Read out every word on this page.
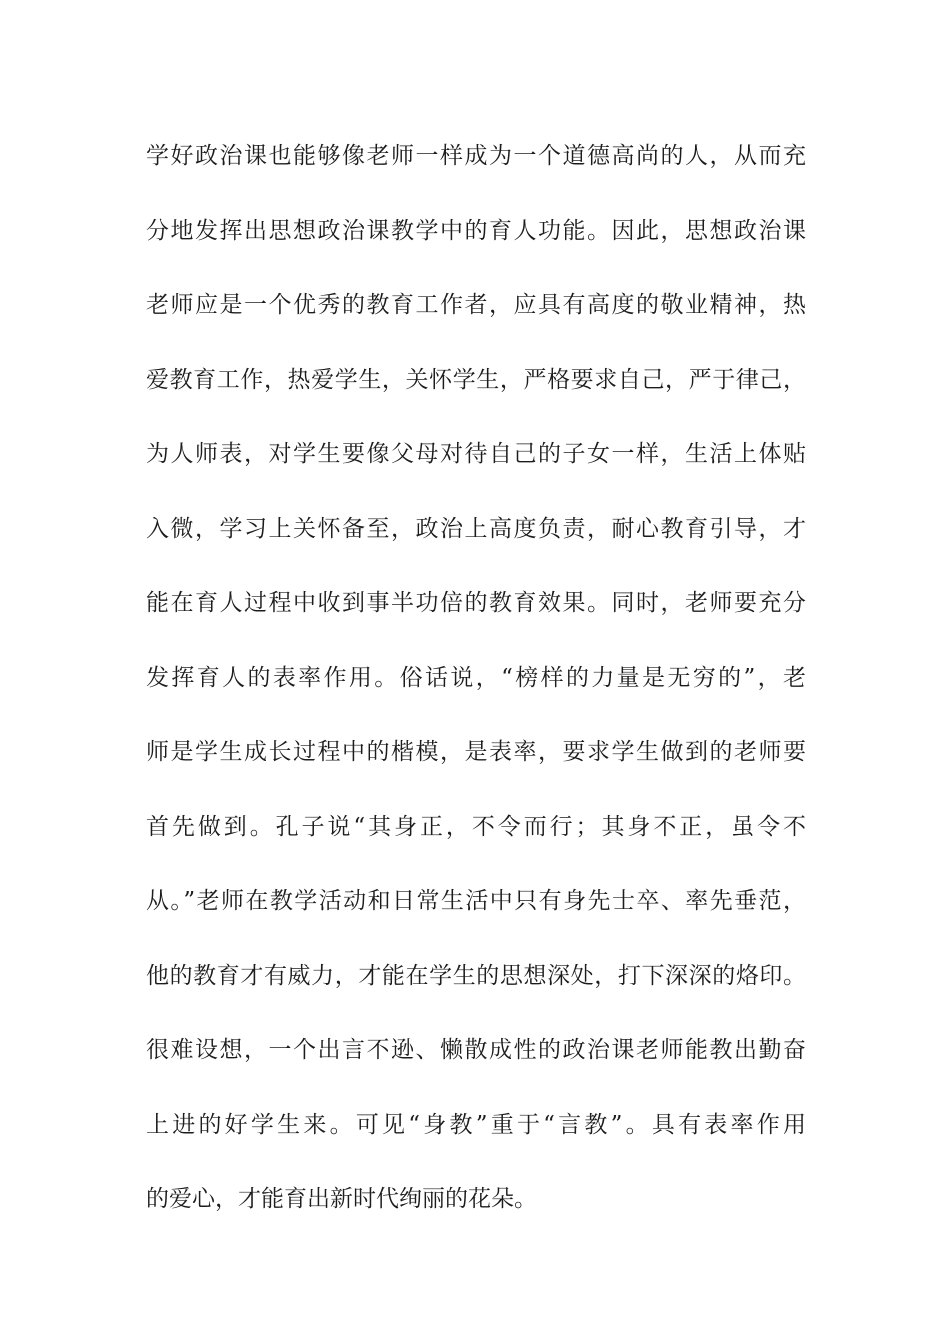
学好政治课也能够像老师一样成为一个道德高尚的人，从而充
分地发挥出思想政治课教学中的育人功能。因此，思想政治课
老师应是一个优秀的教育工作者，应具有高度的敬业精神，热
爱教育工作，热爱学生，关怀学生，严格要求自己，严于律己，
为人师表，对学生要像父母对待自己的子女一样，生活上体贴
入微，学习上关怀备至，政治上高度负责，耐心教育引导，才
能在育人过程中收到事半功倍的教育效果。同时，老师要充分
发挥育人的表率作用。俗话说，“榜样的力量是无穷的”，老
师是学生成长过程中的楷模，是表率，要求学生做到的老师要
首先做到。孔子说“其身正，不令而行；其身不正，虽令不
从。”老师在教学活动和日常生活中只有身先士卒、率先垂范，
他的教育才有威力，才能在学生的思想深处，打下深深的烙印。
很难设想，一个出言不逊、懒散成性的政治课老师能教出勤奋
上进的好学生来。可见“身教”重于“言教”。具有表率作用
的爱心，才能育出新时代绚丽的花朵。
